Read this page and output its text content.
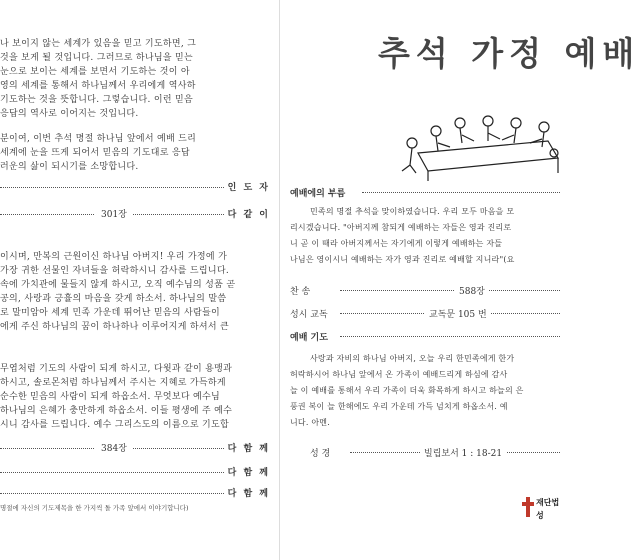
나 보이지 않는 세계가 있음을 믿고 기도하면, 그
것을 보게 될 것입니다. 그러므로 하나님을 믿는
눈으로 보이는 세계를 보면서 기도하는 것이 아
영의 세계를 통해서 하나님께서 우리에게 역사하
기도하는 것을 뜻합니다. 그렇습니다. 이런 믿음
응답의 역사로 이어지는 것입니다.
분이여, 이번 추석 명절 하나님 앞에서 예배 드리
세계에 눈을 뜨게 되어서 믿음의 기도대로 응답
러운의 삶이 되시기를 소망합니다.
인 도 자
301장	다 같 이
이시며, 만복의 근원이신 하나님 아버지! 우리 가정에 가
가장 귀한 선물인 자녀들을 허락하시니 감사를 드립니다.
속에 가치관에 물들지 않게 하시고, 오직 예수님의 성품 곧
공의, 사랑과 긍휼의 마음을 갖게 하소서. 하나님의 말씀
로 말미암아 세계 민족 가운데 뛰어난 믿음의 사람들이
에게 주신 하나님의 꿈이 하나하나 이루어지게 하셔서 큰
무엽처럼 기도의 사람이 되게 하시고, 다윗과 같이 용맹과
하시고, 솔로몬처럼 하나님께서 주시는 지혜로 가득하게
순수한 믿음의 사람이 되게 하옵소서. 무엇보다 예수님
하나님의 은혜가 충만하게 하옵소서. 이들 평생에 주 예수
시니 감사를 드립니다. 예수 그리스도의 이름으로 기도합
384장	다 함 께
다 함 께
다 함 께
명절에 자신의 기도제목을 한 가지씩 돌 가족 앞에서 이야기합니다)
추석 가정 예배
예배에의 부름
민족의 명절 추석을 맞이하였습니다. 우리 모두 마음을 모
리시겠습니다. "아버지께 참되게 예배하는 자들은 영과 진리로
니 곧 이 때라 아버지께서는 자기에게 이렇게 예배하는 자들
나님은 영이시니 예배하는 자가 영과 진리로 예배할 지니라"(요
찬 송	588장
성시 교독	교독문 105 번
예배 기도
사랑과 자비의 하나님 아버지, 오늘 우리 한민족에게 한가
허락하시어 하나님 앞에서 온 가족이 예배드리게 하심에 감사
늘 이 예배를 통해서 우리 가족이 더욱 화목하게 하시고 하늘의 은
풍권 복이 늘 한해에도 우리 가운데 가득 넘치게 하옵소서. 예
니다. 아멘.
성 경	빌립보서 1 : 18-21
재단법
성
